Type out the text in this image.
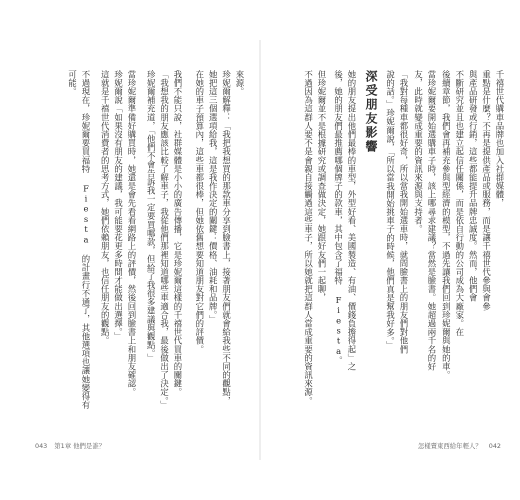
千禧世代購車品牌也加入社群媒體，
重點是什麼？不再是提供產品或服務，而是讓千禧世代參與會參
與產品研發或行銷，這些都能提升品牌忠誠度。然而，他們會
不斷研究並且也建立起信任關係，而是依自行動的公司成為大廠家。在
後續章節，我們會再補充參與型經濟的模型，不過先讓我們回到珍妮爾與她的車。
當珍妮爾要開始選購車子時，該上哪尋求建議？當然是臉書。她超過兩千名的好
友，此時就變成重要的資訊來源與支持者。
「我對每種車都很好奇，所以當我開始選車時，就問臉書上的朋友們對他們
說的話。」珍妮爾說，「所以當我開始挑車子的時候，他們真是幫我好多。」
深受朋友影響
她的朋友提出他們最棒的車型，外型好看、美國製造、有油、價錢負擔得起」之
後，她的朋友們最推薦哪個牌子的款車，其中包含了福特 Fiesta。
但珍妮爾並不是根據研究或調查做決定，她跟好友們一起聊，
不過因為這群人要不是會親自接觸過這些車子，所以她就把這群人當成重要的資訊來源。
怎樣賣東西給年輕人？ 042
來源。
珍妮爾解釋：「我把我想買的那款車分享到臉書上，接著朋友們就會給我些不同的觀點，
她把這三個選項給我，這是我作決定的關鍵：價格、油耗和品牌。」
在她的車子預算內，這些車都很棒，但她依舊想要知道朋友對它們的評價。
我們不能只說，社群媒體是小小的廣告傳播，它是珍妮爾這樣的千禧世代買車的關鍵。
「我想我的朋友應該比較了解車子，我從他們那裡知道哪些車適合我，最後做出了決定。」
珍妮爾補充道，「他們不會告訴我一定要買哪款，但給了我很多建議與觀點。」
當珍妮爾準備好購買時，她還是會先看看網路上的評價，然後回到臉書上和朋友確認。
珍妮爾說「如果沒有朋友的建議，我可能要花更多時間才能做出選擇。」
這就是千禧世代消費者的思考方式，她們依賴朋友，也信任朋友的觀點。
不過現在，珍妮爾要買福特 Fiesta 的計畫行不通了，其他選項也讓她變得有可能。
043 第1章 他們是誰？
